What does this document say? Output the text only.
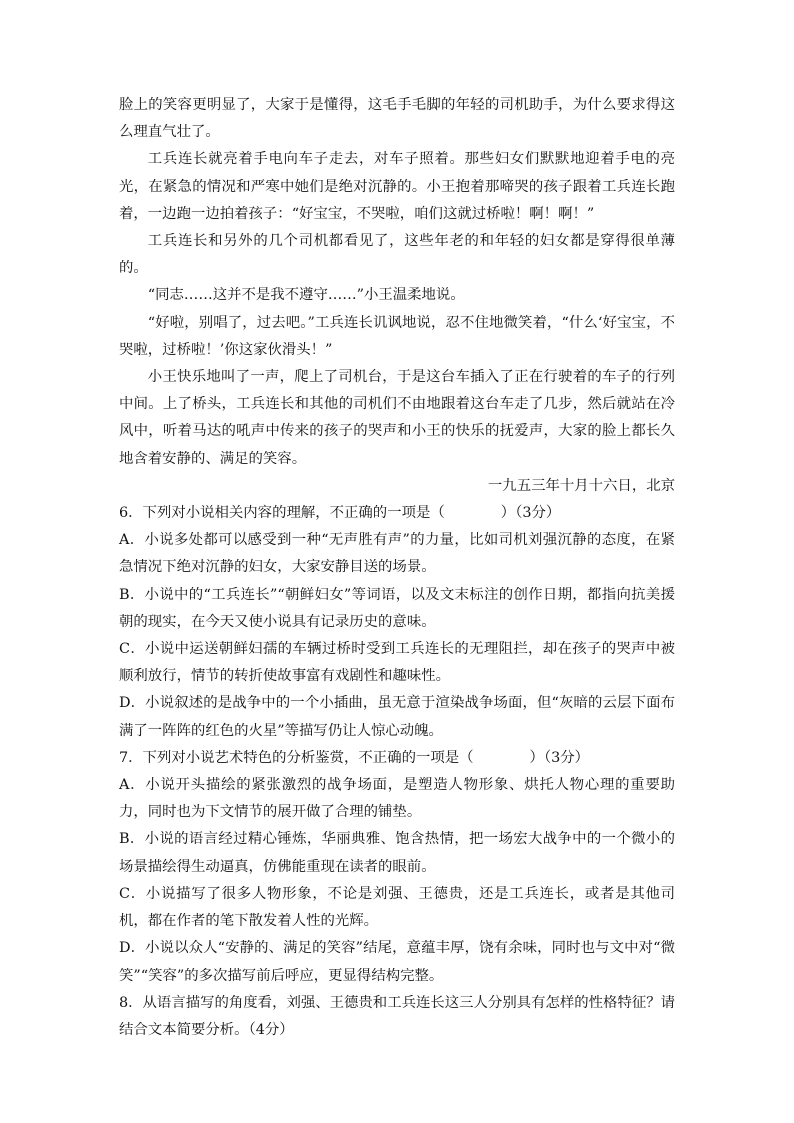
脸上的笑容更明显了，大家于是懂得，这毛手毛脚的年轻的司机助手，为什么要求得这么理直气壮了。

工兵连长就亮着手电向车子走去，对车子照着。那些妇女们默默地迎着手电的亮光，在紧急的情况和严寒中她们是绝对沉静的。小王抱着那啼哭的孩子跟着工兵连长跑着，一边跑一边拍着孩子：“好宝宝，不哭啦，咱们这就过桥啦！啊！啊！”

工兵连长和另外的几个司机都看见了，这些年老的和年轻的妇女都是穿得很单薄的。

“同志……这并不是我不遵守……”小王温柔地说。

“好啦，别唱了，过去吧。”工兵连长讥讽地说，忍不住地微笑着，“什么‘好宝宝，不哭啦，过桥啦！’你这家伙滑头！”

小王快乐地叫了一声，爬上了司机台，于是这台车插入了正在行驶着的车子的行列中间。上了桥头，工兵连长和其他的司机们不由地跟着这台车走了几步，然后就站在冷风中，听着马达的吼声中传来的孩子的哭声和小王的快乐的抚爱声，大家的脸上都长久地含着安静的、满足的笑容。

一九五三年十月十六日，北京

6．下列对小说相关内容的理解，不正确的一项是（	）（3分）

A．小说多处都可以感受到一种“无声胜有声”的力量，比如司机刘强沉静的态度，在紧急情况下绝对沉静的妇女，大家安静目送的场景。

B．小说中的“工兵连长”“朝鲜妇女”等词语，以及文末标注的创作日期，都指向抗美援朝的现实，在今天又使小说具有记录历史的意味。

C．小说中运送朝鲜妇孺的车辆过桥时受到工兵连长的无理阻拦，却在孩子的哭声中被顺利放行，情节的转折使故事富有戏剧性和趣味性。

D．小说叙述的是战争中的一个小插曲，虽无意于渲染战争场面，但“灰暗的云层下面布满了一阵阵的红色的火星”等描写仍让人惊心动魄。

7．下列对小说艺术特色的分析鉴赏，不正确的一项是（	）（3分）

A．小说开头描绘的紧张激烈的战争场面，是塑造人物形象、烘托人物心理的重要助力，同时也为下文情节的展开做了合理的铺垫。

B．小说的语言经过精心锤炼，华丽典雅、饱含热情，把一场宏大战争中的一个微小的场景描绘得生动逼真，仿佛能重现在读者的眼前。

C．小说描写了很多人物形象，不论是刘强、王德贵，还是工兵连长，或者是其他司机，都在作者的笔下散发着人性的光辉。

D．小说以众人“安静的、满足的笑容”结尾，意蕴丰厚，饶有余味，同时也与文中对“微笑”“笑容”的多次描写前后呼应，更显得结构完整。

8．从语言描写的角度看，刘强、王德贵和工兵连长这三人分别具有怎样的性格特征？请结合文本简要分析。（4分）
